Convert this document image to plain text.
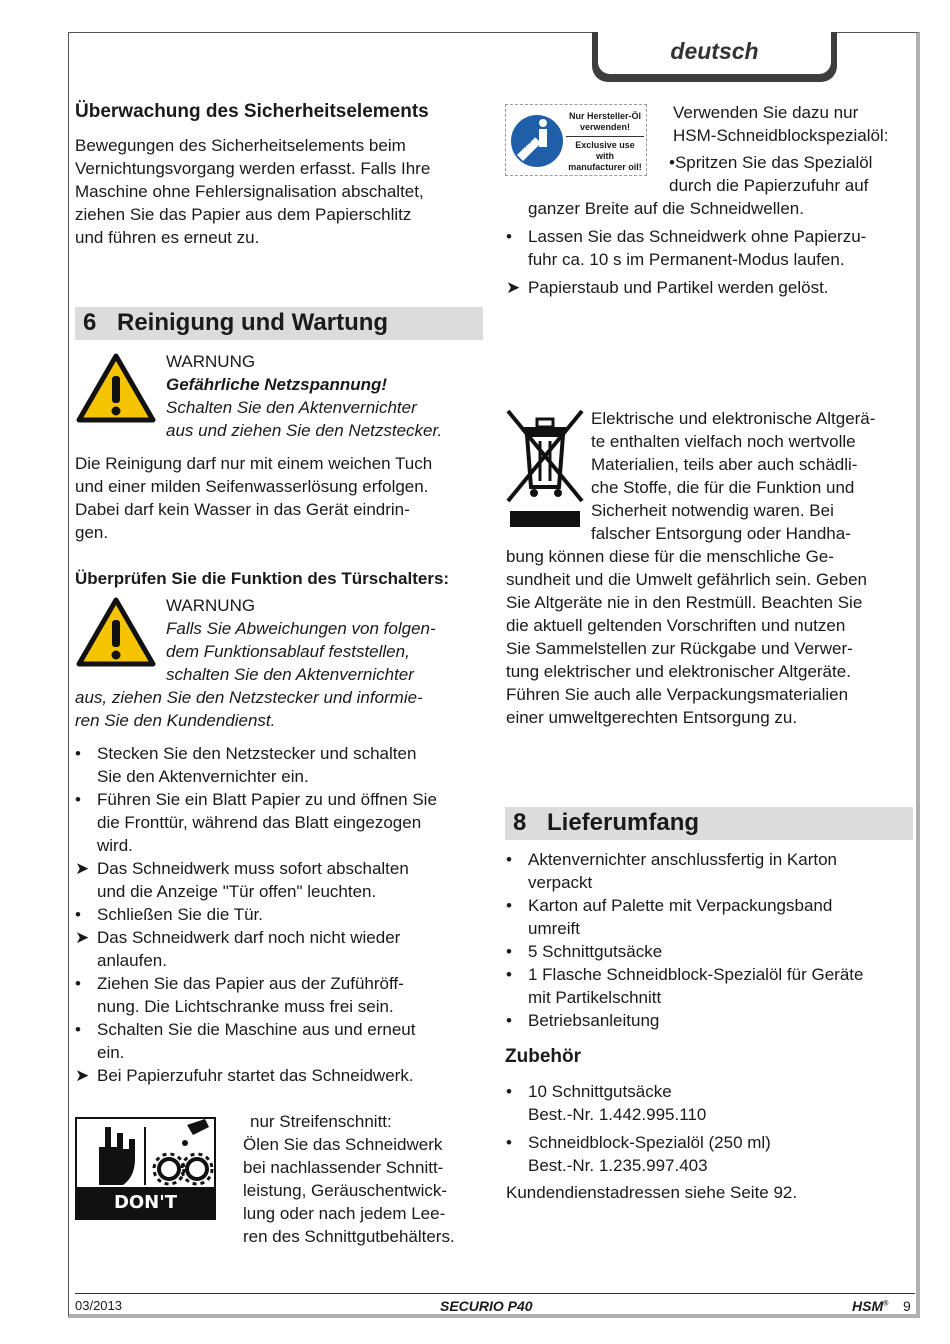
deutsch

Überwachung des Sicherheitselements

Bewegungen des Sicherheitselements beim

Vernichtungsvorgang werden erfasst. Falls Ihre

Maschine ohne Fehlersignalisation abschaltet,

ziehen Sie das Papier aus dem Papierschlitz

und führen es erneut zu.

6 Reinigung und Wartung

WARNUNG

Gefährliche Netzspannung!

Schalten Sie den Aktenvernichter

aus und ziehen Sie den Netzstecker.

Die Reinigung darf nur mit einem weichen Tuch

und einer milden Seifenwasserlösung erfolgen.

Dabei darf kein Wasser in das Gerät eindrin-

gen.

Überprüfen Sie die Funktion des Türschalters:

WARNUNG

Falls Sie Abweichungen von folgen-

dem Funktionsablauf feststellen,

schalten Sie den Aktenvernichter

aus, ziehen Sie den Netzstecker und informie-

ren Sie den Kundendienst.

• Stecken Sie den Netzstecker und schalten
Sie den Aktenvernichter ein.
• Führen Sie ein Blatt Papier zu und öffnen Sie
die Fronttür, während das Blatt eingezogen
wird.
➤ Das Schneidwerk muss sofort abschalten
und die Anzeige "Tür offen" leuchten.
• Schließen Sie die Tür.
➤ Das Schneidwerk darf noch nicht wieder
anlaufen.
• Ziehen Sie das Papier aus der Zuführöff-
nung. Die Lichtschranke muss frei sein.
• Schalten Sie die Maschine aus und erneut
ein.
➤ Bei Papierzufuhr startet das Schneidwerk.
DON'T FORGET

nur Streifenschnitt:

Ölen Sie das Schneidwerk

bei nachlassender Schnitt-

leistung, Geräuschentwick-

lung oder nach jedem Lee-

ren des Schnittgutbehälters.

HSM
Nur Hersteller-Öl
verwenden!
Exclusive use with
manufacturer oil!

Verwenden Sie dazu nur

HSM-Schneidblockspezialöl:

•Spritzen Sie das Spezialöl

durch die Papierzufuhr auf

ganzer Breite auf die Schneidwellen.

• Lassen Sie das Schneidwerk ohne Papierzu-

fuhr ca. 10 s im Permanent-Modus laufen.

➤ Papierstaub und Partikel werden gelöst.

Elektrische und elektronische Altgerä-

te enthalten vielfach noch wertvolle

Materialien, teils aber auch schädli-

che Stoffe, die für die Funktion und

Sicherheit notwendig waren. Bei

falscher Entsorgung oder Handha-

bung können diese für die menschliche Ge-

sundheit und die Umwelt gefährlich sein. Geben

Sie Altgeräte nie in den Restmüll. Beachten Sie

die aktuell geltenden Vorschriften und nutzen

Sie Sammelstellen zur Rückgabe und Verwer-

tung elektrischer und elektronischer Altgeräte.

Führen Sie auch alle Verpackungsmaterialien

einer umweltgerechten Entsorgung zu.

8 Lieferumfang
• Aktenvernichter anschlussfertig in Karton
verpackt
• Karton auf Palette mit Verpackungsband
umreift
• 5 Schnittgutsäcke
• 1 Flasche Schneidblock-Spezialöl für Geräte
mit Partikelschnitt
• Betriebsanleitung

Zubehör

• 10 Schnittgutsäcke
Best.-Nr. 1.442.995.110
• Schneidblock-Spezialöl (250 ml)
Best.-Nr. 1.235.997.403

Kundendienstadressen siehe Seite 92.

03/2013	SECURIO P40	HSM® 9
